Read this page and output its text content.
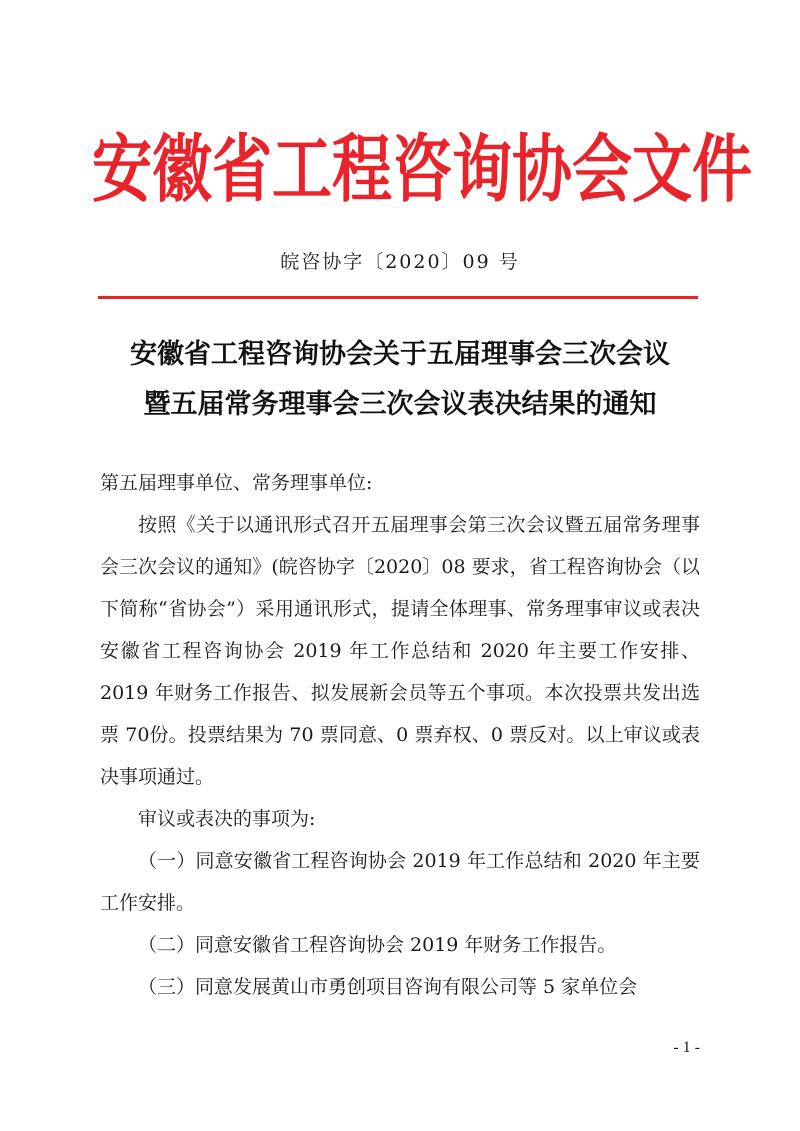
安徽省工程咨询协会文件
皖咨协字〔2020〕09 号
安徽省工程咨询协会关于五届理事会三次会议
暨五届常务理事会三次会议表决结果的通知

第五届理事单位、常务理事单位:

按照《关于以通讯形式召开五届理事会第三次会议暨五届常务理事会三次会议的通知》(皖咨协字〔2020〕08 要求，省工程咨询协会（以下简称“省协会”）采用通讯形式，提请全体理事、常务理事审议或表决安徽省工程咨询协会 2019 年工作总结和 2020 年主要工作安排、2019 年财务工作报告、拟发展新会员等五个事项。本次投票共发出选票 70份。投票结果为 70 票同意、0 票弃权、0 票反对。以上审议或表决事项通过。

审议或表决的事项为:

（一）同意安徽省工程咨询协会 2019 年工作总结和 2020 年主要工作安排。

（二）同意安徽省工程咨询协会 2019 年财务工作报告。

（三）同意发展黄山市勇创项目咨询有限公司等 5 家单位会

- 1 -
